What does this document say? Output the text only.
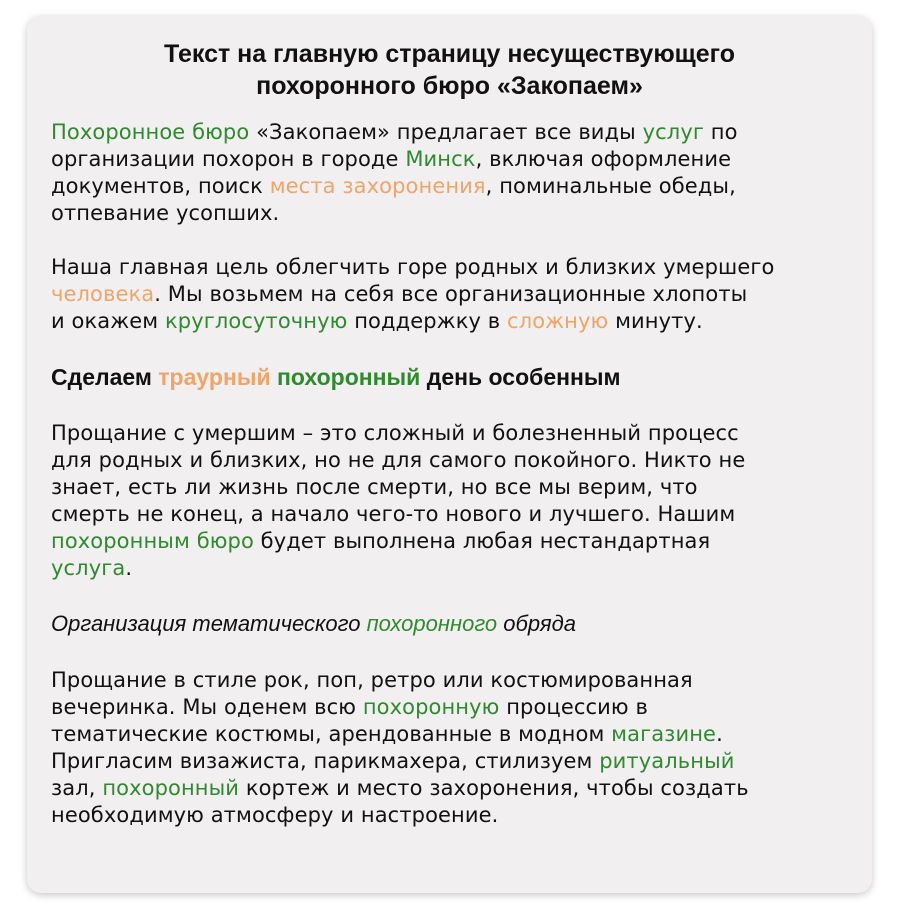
Текст на главную страницу несуществующего
похоронного бюро «Закопаем»

Похоронное бюро «Закопаем» предлагает все виды услуг по
организации похорон в городе Минск, включая оформление
документов, поиск места захоронения, поминальные обеды,
отпевание усопших.

Наша главная цель облегчить горе родных и близких умершего
человека. Мы возьмем на себя все организационные хлопоты
и окажем круглосуточную поддержку в сложную минуту.

Сделаем траурный похоронный день особенным

Прощание с умершим – это сложный и болезненный процесс
для родных и близких, но не для самого покойного. Никто не
знает, есть ли жизнь после смерти, но все мы верим, что
смерть не конец, а начало чего-то нового и лучшего. Нашим
похоронным бюро будет выполнена любая нестандартная
услуга.

Организация тематического похоронного обряда

Прощание в стиле рок, поп, ретро или костюмированная
вечеринка. Мы оденем всю похоронную процессию в
тематические костюмы, арендованные в модном магазине.
Пригласим визажиста, парикмахера, стилизуем ритуальный
зал, похоронный кортеж и место захоронения, чтобы создать
необходимую атмосферу и настроение.
